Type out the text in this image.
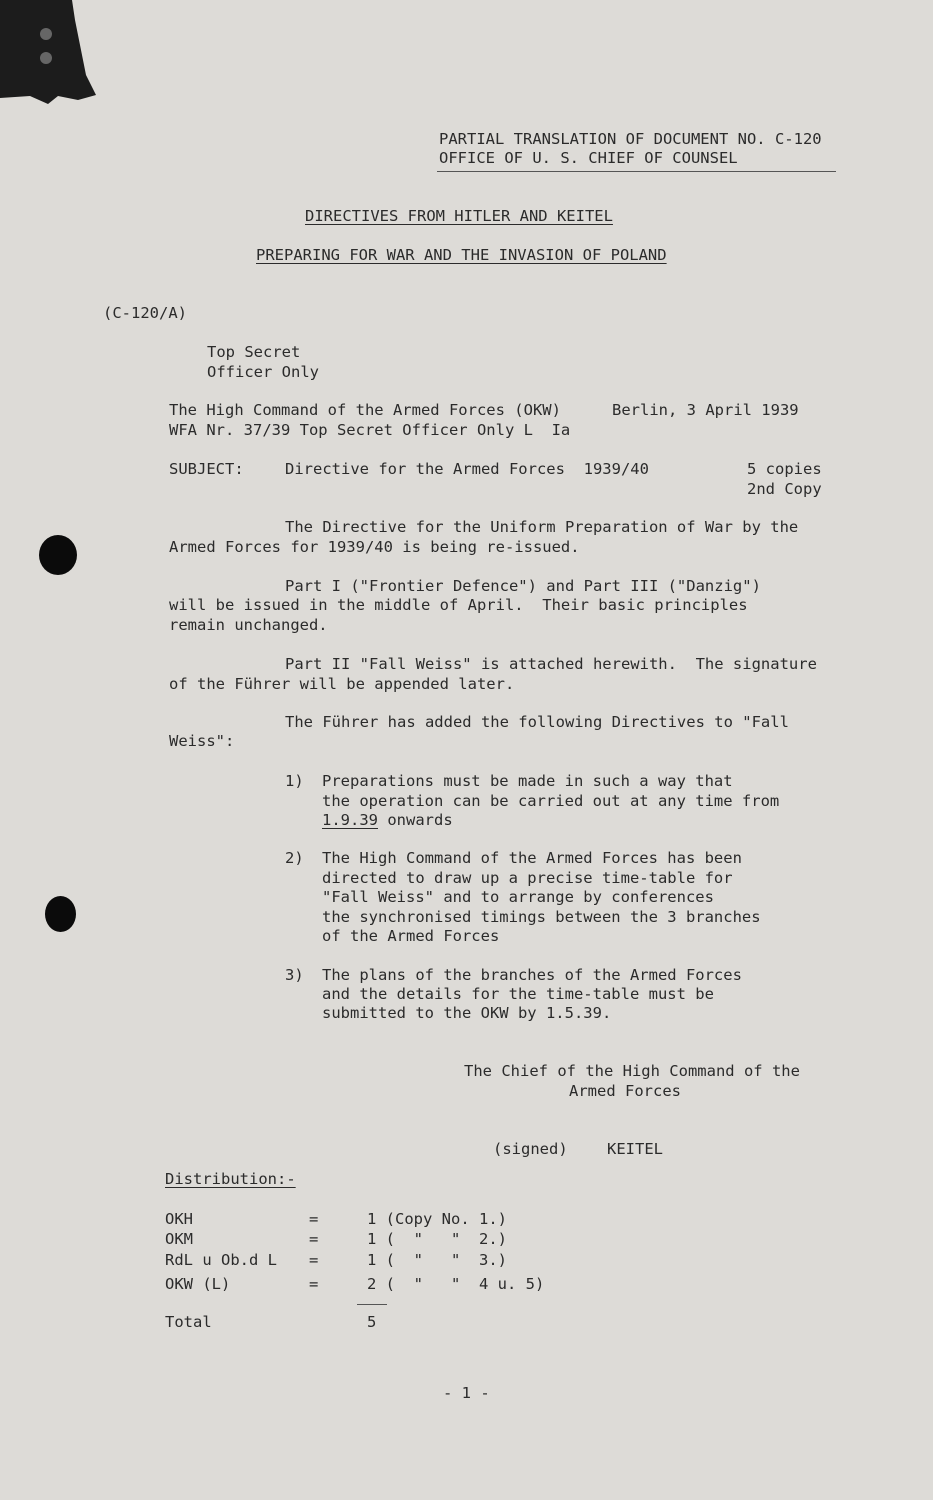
PARTIAL TRANSLATION OF DOCUMENT NO. C-120
OFFICE OF U. S. CHIEF OF COUNSEL
DIRECTIVES FROM HITLER AND KEITEL
PREPARING FOR WAR AND THE INVASION OF POLAND
(C-120/A)
Top Secret
Officer Only
The High Command of the Armed Forces (OKW)	Berlin, 3 April 1939
WFA Nr. 37/39 Top Secret Officer Only L  Ia
SUBJECT:	Directive for the Armed Forces  1939/40	5 copies
2nd Copy
The Directive for the Uniform Preparation of War by the
Armed Forces for 1939/40 is being re-issued.
Part I ("Frontier Defence") and Part III ("Danzig")
will be issued in the middle of April.  Their basic principles
remain unchanged.
Part II "Fall Weiss" is attached herewith.  The signature
of the Führer will be appended later.
The Führer has added the following Directives to "Fall
Weiss":
1) Preparations must be made in such a way that
the operation can be carried out at any time from
1.9.39 onwards
2) The High Command of the Armed Forces has been
directed to draw up a precise time-table for
"Fall Weiss" and to arrange by conferences
the synchronised timings between the 3 branches
of the Armed Forces
3) The plans of the branches of the Armed Forces
and the details for the time-table must be
submitted to the OKW by 1.5.39.
The Chief of the High Command of the
Armed Forces
(signed)	KEITEL
Distribution:-
OKH	=	1 (Copy No. 1.)
OKM	=	1 (  "   "  2.)
RdL u Ob.d L =	1 (  "   "  3.)
OKW (L)	=	2 (  "   "  4 u. 5)
Total	5
- 1 -
